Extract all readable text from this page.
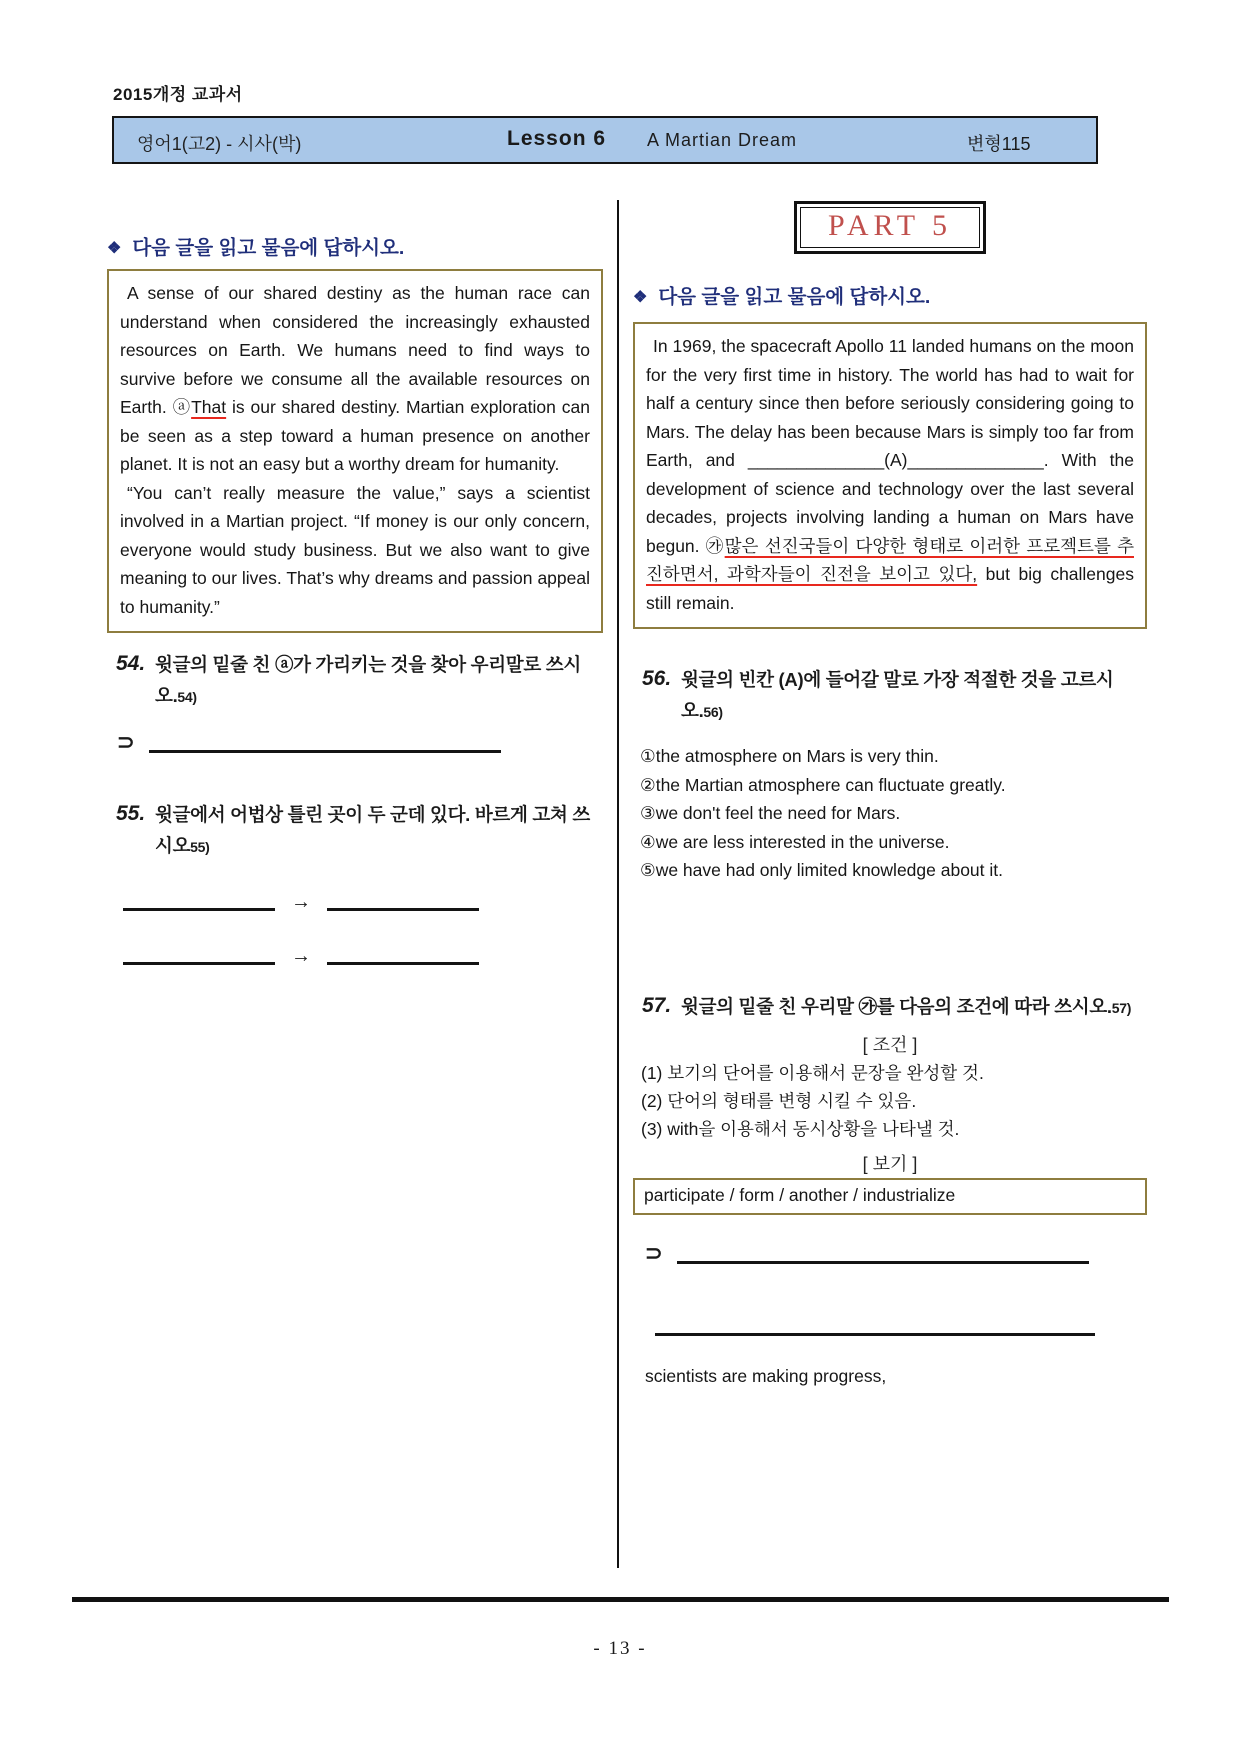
2015개정 교과서
영어1(고2) - 시사(박)	Lesson 6 A Martian Dream	변형115
❖ 다음 글을 읽고 물음에 답하시오.

A sense of our shared destiny as the human race can understand when considered the increasingly exhausted resources on Earth. We humans need to find ways to survive before we consume all the available resources on Earth. ⓐThat is our shared destiny. Martian exploration can be seen as a step toward a human presence on another planet. It is not an easy but a worthy dream for humanity.

“You can’t really measure the value,” says a scientist involved in a Martian project. “If money is our only concern, everyone would study business. But we also want to give meaning to our lives. That’s why dreams and passion appeal to humanity.”

54. 윗글의 밑줄 친 ⓐ가 가리키는 것을 찾아 우리말로 쓰시오.54)
⊃
55. 윗글에서 어법상 틀린 곳이 두 군데 있다. 바르게 고쳐 쓰시오55)
→
→
PART 5
❖ 다음 글을 읽고 물음에 답하시오.

In 1969, the spacecraft Apollo 11 landed humans on the moon for the very first time in history. The world has had to wait for half a century since then before seriously considering going to Mars. The delay has been because Mars is simply too far from Earth, and ______________(A)______________. With the development of science and technology over the last several decades, projects involving landing a human on Mars have begun. ㉮많은 선진국들이 다양한 형태로 이러한 프로젝트를 추진하면서, 과학자들이 진전을 보이고 있다, but big challenges still remain.

56. 윗글의 빈칸 (A)에 들어갈 말로 가장 적절한 것을 고르시오.56)
①the atmosphere on Mars is very thin.
②the Martian atmosphere can fluctuate greatly.
③we don't feel the need for Mars.
④we are less interested in the universe.
⑤we have had only limited knowledge about it.
57. 윗글의 밑줄 친 우리말 ㉮를 다음의 조건에 따라 쓰시오.57)
[ 조건 ]
(1) 보기의 단어를 이용해서 문장을 완성할 것.
(2) 단어의 형태를 변형 시킬 수 있음.
(3) with을 이용해서 동시상황을 나타낼 것.
[ 보기 ]
participate / form / another / industrialize
⊃
scientists are making progress,
- 13 -
